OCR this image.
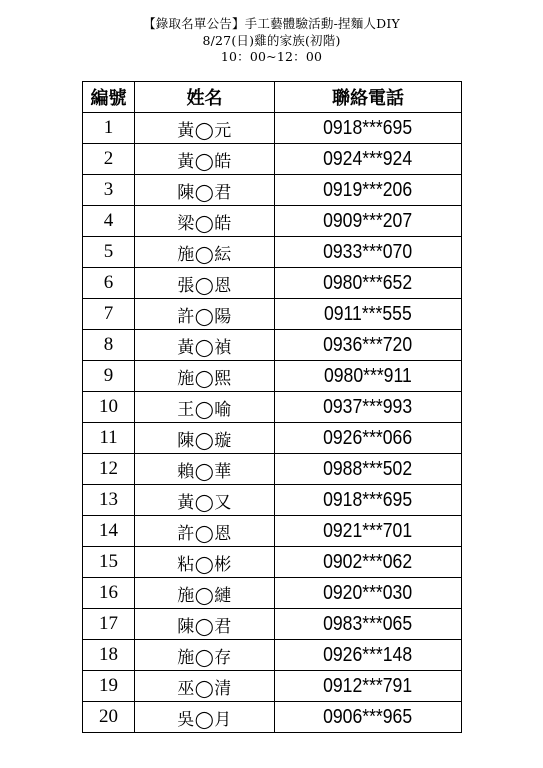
【錄取名單公告】手工藝體驗活動-捏麵人DIY
8/27(日)雞的家族(初階)
10：00~12：00
編號	姓名	聯絡電話
1	黃◯元	0918***695
2	黃◯皓	0924***924
3	陳◯君	0919***206
4	梁◯皓	0909***207
5	施◯紜	0933***070
6	張◯恩	0980***652
7	許◯陽	0911***555
8	黃◯禎	0936***720
9	施◯熙	0980***911
10	王◯喻	0937***993
11	陳◯璇	0926***066
12	賴◯華	0988***502
13	黃◯又	0918***695
14	許◯恩	0921***701
15	粘◯彬	0902***062
16	施◯縺	0920***030
17	陳◯君	0983***065
18	施◯存	0926***148
19	巫◯清	0912***791
20	吳◯月	0906***965
